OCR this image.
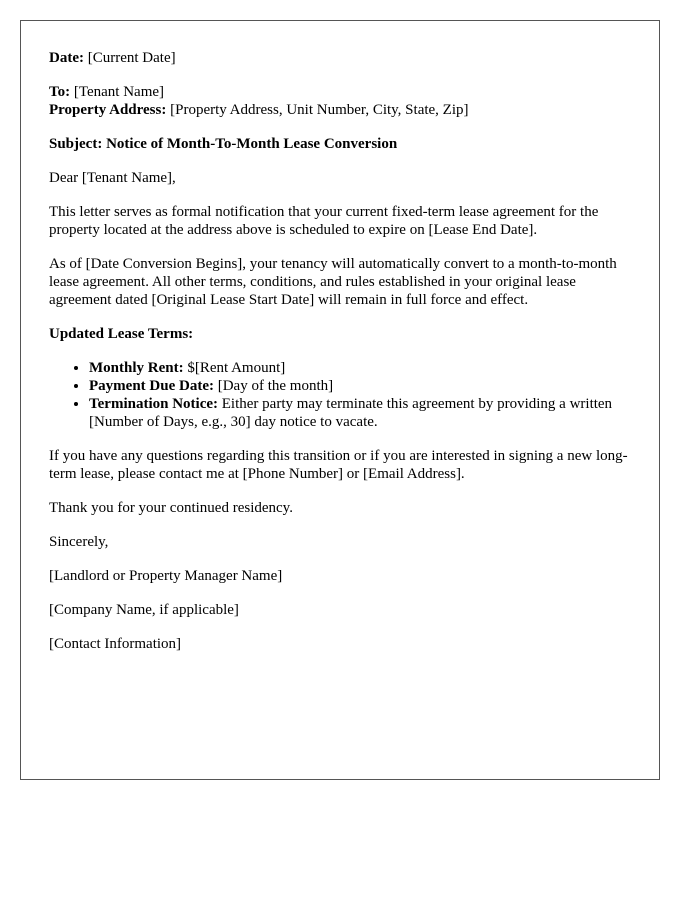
Date: [Current Date]

To: [Tenant Name]

Property Address: [Property Address, Unit Number, City, State, Zip]

Subject: Notice of Month-To-Month Lease Conversion

Dear [Tenant Name],

This letter serves as formal notification that your current fixed-term lease agreement for the property located at the address above is scheduled to expire on [Lease End Date].

As of [Date Conversion Begins], your tenancy will automatically convert to a month-to-month lease agreement. All other terms, conditions, and rules established in your original lease agreement dated [Original Lease Start Date] will remain in full force and effect.

Updated Lease Terms:

• Monthly Rent: $[Rent Amount]
• Payment Due Date: [Day of the month]
• Termination Notice: Either party may terminate this agreement by providing a written [Number of Days, e.g., 30] day notice to vacate.

If you have any questions regarding this transition or if you are interested in signing a new long-term lease, please contact me at [Phone Number] or [Email Address].

Thank you for your continued residency.

Sincerely,

[Landlord or Property Manager Name]

[Company Name, if applicable]

[Contact Information]
